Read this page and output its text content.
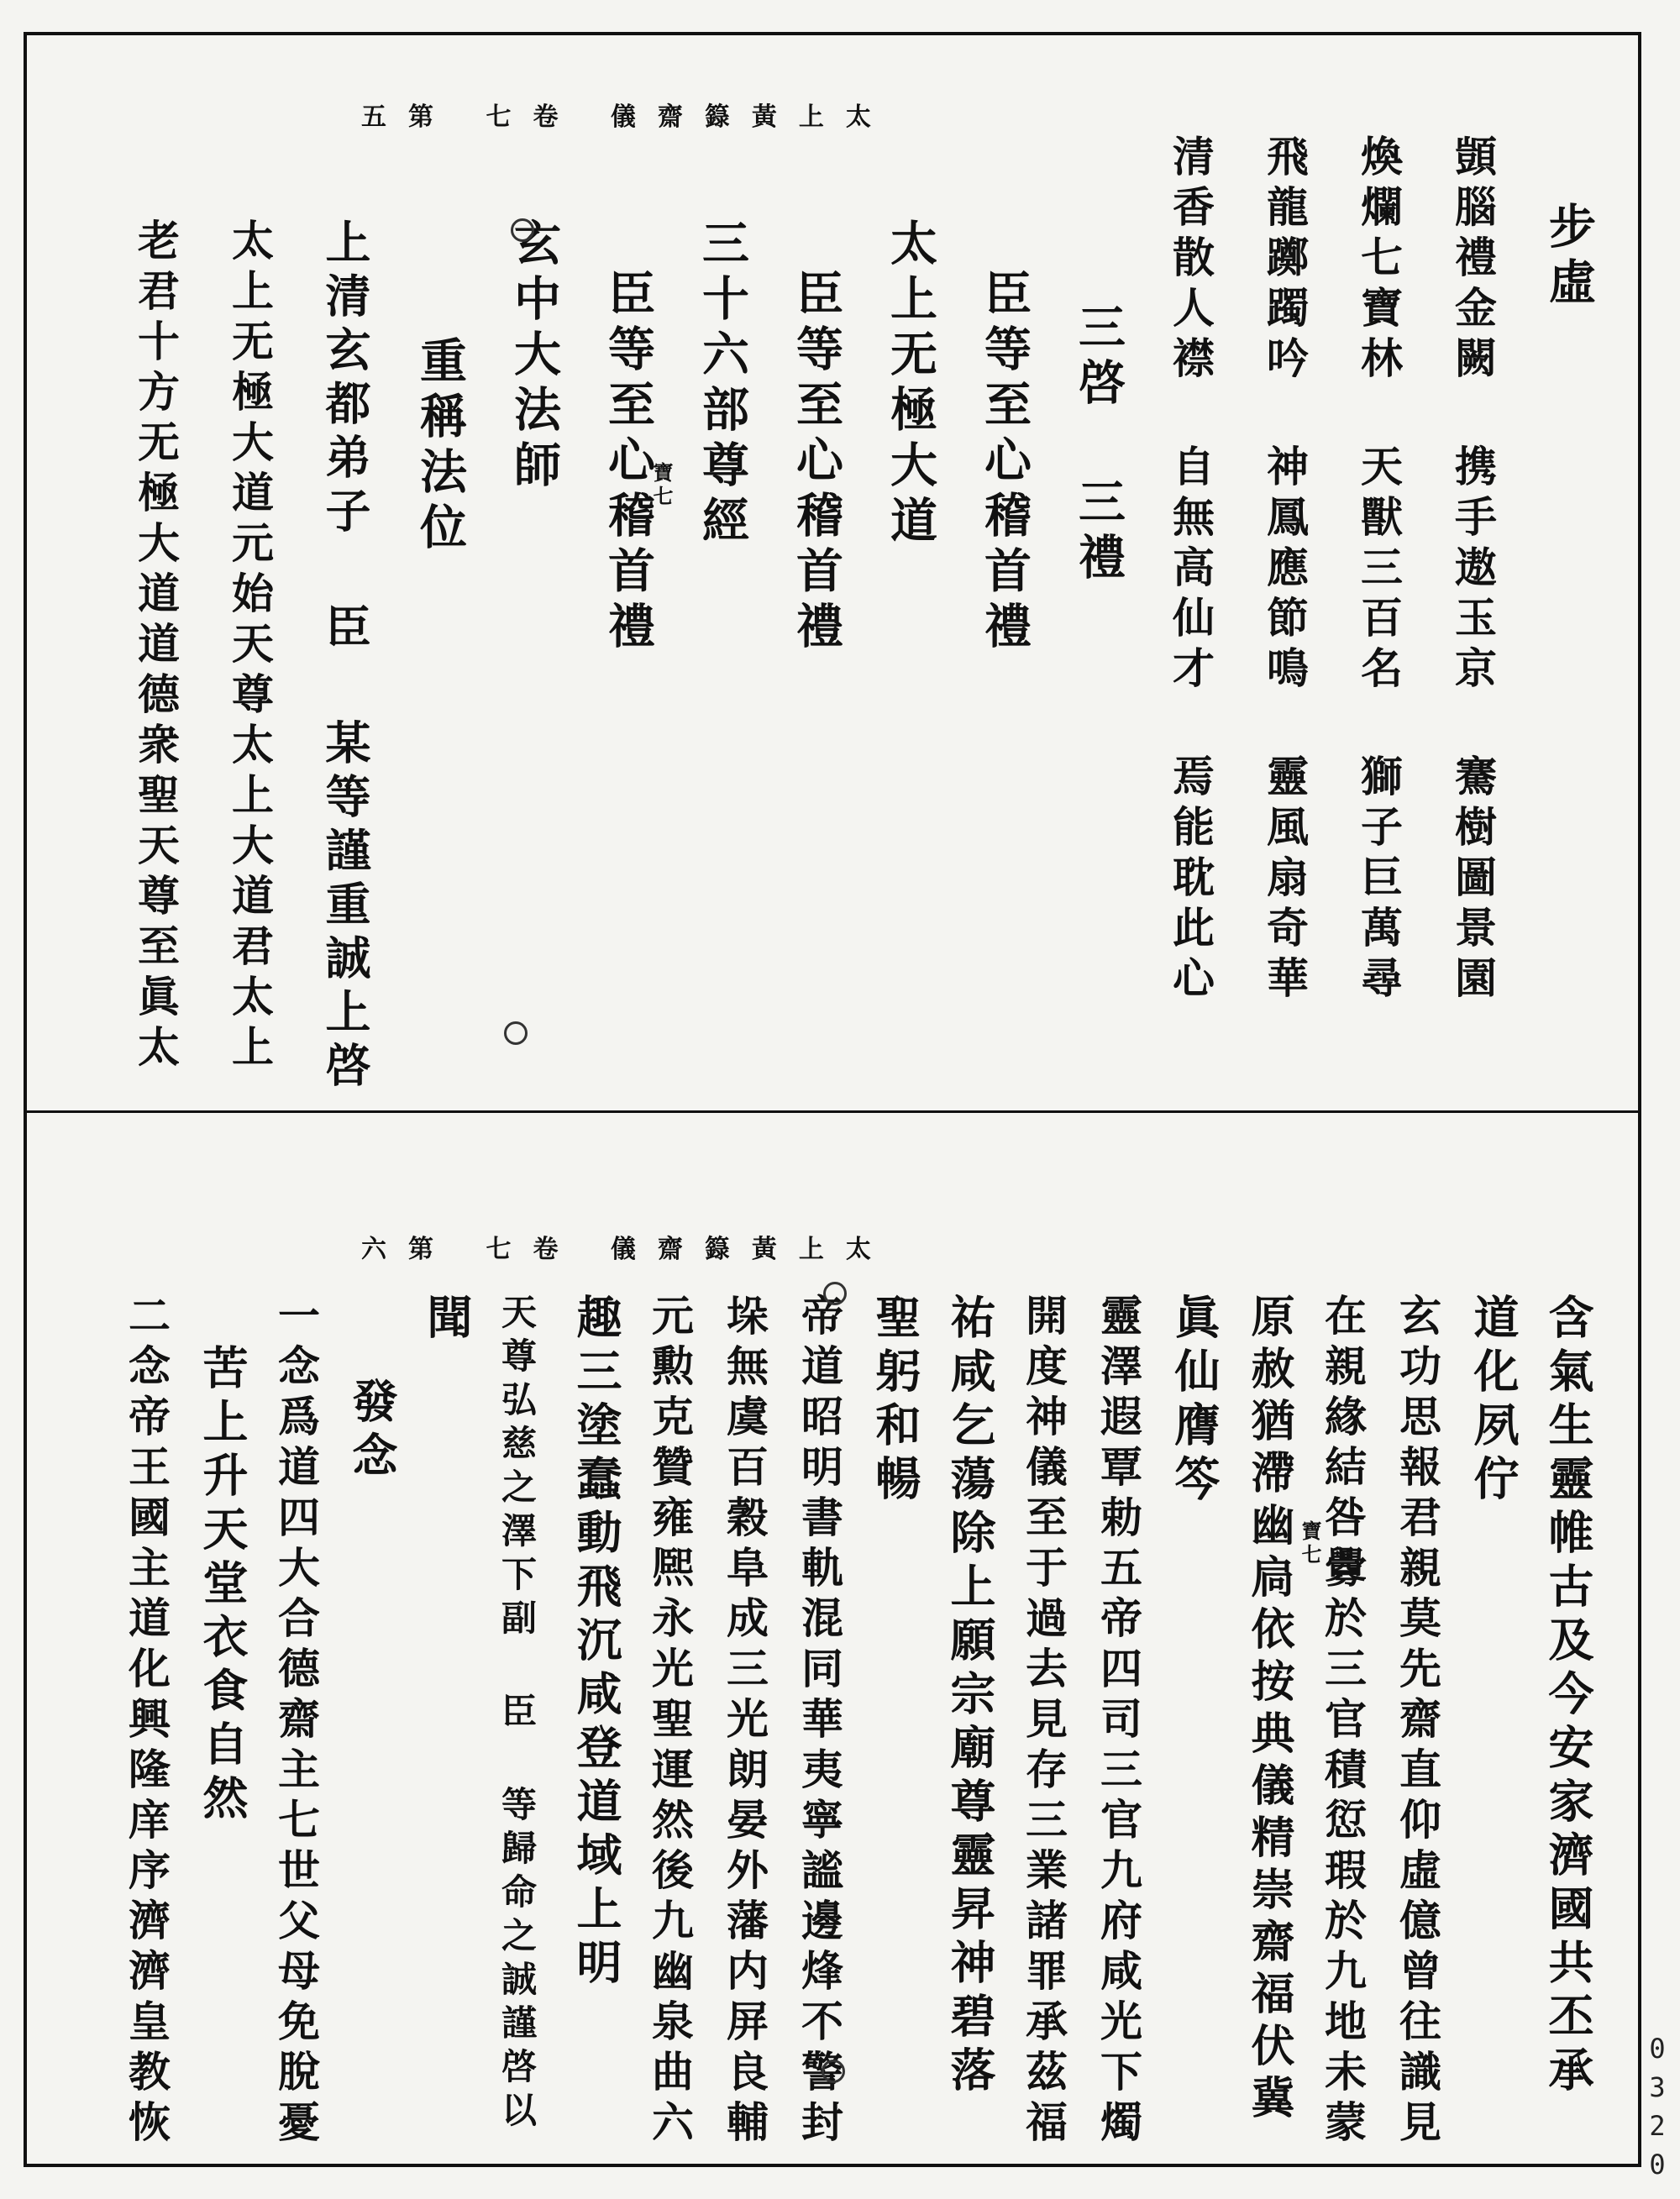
太上黃籙齋儀 卷七 第五
步虛
顗腦禮金闕 携手遨玉京 騫樹圖景園
煥爛七寶林 天獸三百名 獅子巨萬尋
飛龍躑躅吟 神鳳應節鳴 靈風扇奇華
清香散人襟 自無高仙才 焉能耽此心
寶七	三啓 三禮
臣等至心稽首禮
太上无極大道
臣等至心稽首禮
三十六部尊經
臣等至心稽首禮
玄中大法師
重稱法位
上清玄都弟子 臣 某等謹重誠上啓
太上无極大道元始天尊太上大道君太上
老君十方无極大道道德衆聖天尊至眞太
太上黃籙齋儀 卷七 第六
含氣生靈帷古及今安家濟國共丕承
道化夙佇
玄功思報君親莫先齋直仰虛億曾往識見
在親緣結咎釁於三官積愆瑕於九地未蒙
原赦猶滯幽扃依按典儀精崇齋福伏冀 寶七
眞仙膺笒
靈澤遐覃勅五帝四司三官九府咸光下燭
開度神儀至于過去見存三業諸罪承茲福
祐咸乞蕩除上願宗廟尊靈昇神碧落
聖躬和暢
帝道昭明書軌混同華夷寧謐邊烽不警封
垛無虞百穀阜成三光朗晏外藩内屏良輔
元勲克贊雍熈永光聖運然後九幽泉曲六
趣三塗蠢動飛沉咸登道域上明
天尊弘慈之澤下副 臣 等歸命之誠謹啓以
聞
發念
一念爲道四大合德齋主七世父母免脫憂
苦上升天堂衣食自然
二念帝王國主道化興隆庠序濟濟皇教恢	0320
